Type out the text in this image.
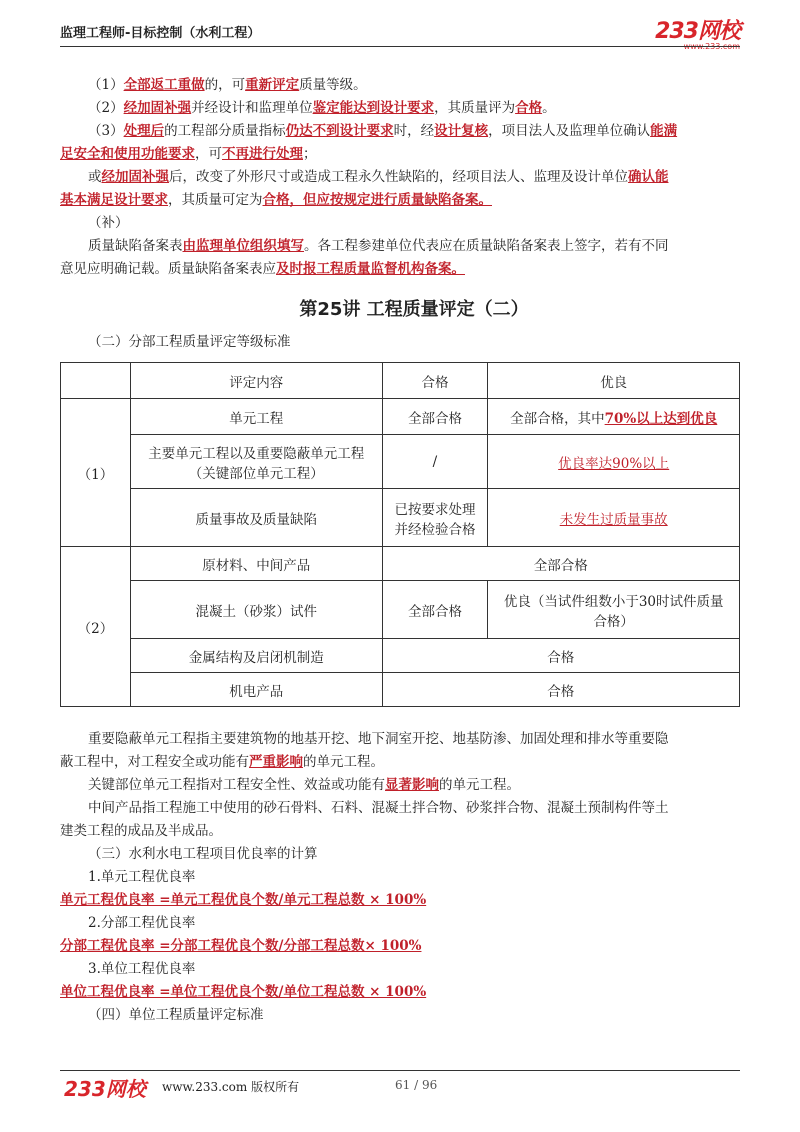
监理工程师-目标控制（水利工程）	233网校
www.233.com

（1）全部返工重做的，可重新评定质量等级。

（2）经加固补强并经设计和监理单位鉴定能达到设计要求，其质量评为合格。

（3）处理后的工程部分质量指标仍达不到设计要求时，经设计复核，项目法人及监理单位确认能满

足安全和使用功能要求，可不再进行处理；

或经加固补强后，改变了外形尺寸或造成工程永久性缺陷的，经项目法人、监理及设计单位确认能

基本满足设计要求，其质量可定为合格，但应按规定进行质量缺陷备案。

（补）

质量缺陷备案表由监理单位组织填写。各工程参建单位代表应在质量缺陷备案表上签字，若有不同

意见应明确记载。质量缺陷备案表应及时报工程质量监督机构备案。

第25讲 工程质量评定（二）

（二）分部工程质量评定等级标准

	评定内容	合格	优良
（1）	单元工程	全部合格	全部合格，其中70%以上达到优良

	主要单元工程以及重要隐蔽单元工程
（关键部位单元工程）	/	优良率达90%以上
	质量事故及质量缺陷	已按要求处理
并经检验合格	未发生过质量事故
（2）	原材料、中间产品	全部合格	
	混凝土（砂浆）试件	全部合格	优良（当试件组数小于30时试件质量
合格）

	金属结构及启闭机制造	合格	
	机电产品	合格	

重要隐蔽单元工程指主要建筑物的地基开挖、地下洞室开挖、地基防渗、加固处理和排水等重要隐

蔽工程中，对工程安全或功能有严重影响的单元工程。

关键部位单元工程指对工程安全性、效益或功能有显著影响的单元工程。

中间产品指工程施工中使用的砂石骨料、石料、混凝土拌合物、砂浆拌合物、混凝土预制构件等土

建类工程的成品及半成品。

（三）水利水电工程项目优良率的计算

1.单元工程优良率

单元工程优良率 =单元工程优良个数/单元工程总数 × 100%

2.分部工程优良率

分部工程优良率 =分部工程优良个数/分部工程总数× 100%

3.单位工程优良率

单位工程优良率 =单位工程优良个数/单位工程总数 × 100%

（四）单位工程质量评定标准

233网校 www.233.com 版权所有	61 / 96
